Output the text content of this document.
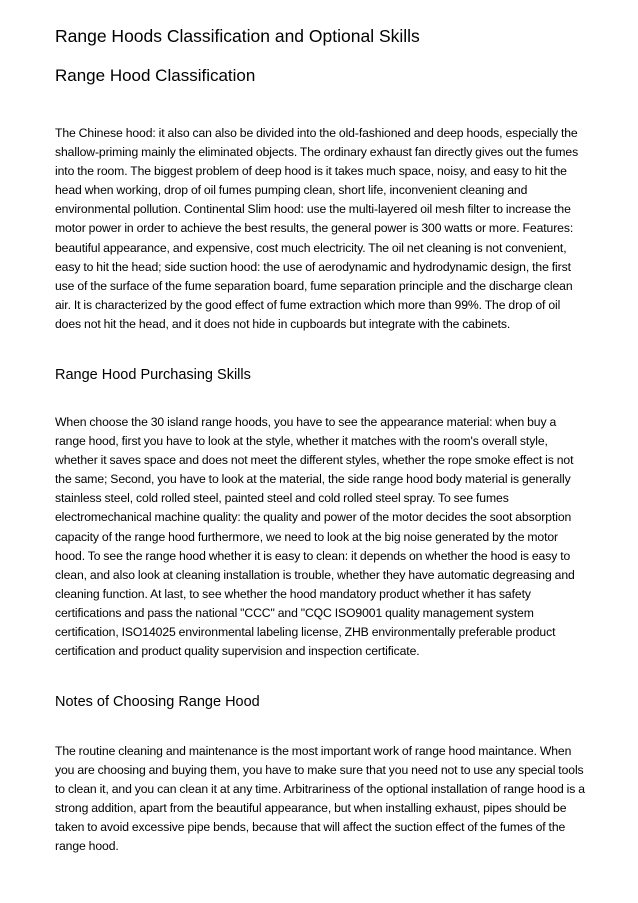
Range Hoods Classification and Optional Skills
Range Hood Classification

The Chinese hood: it also can also be divided into the old-fashioned and deep hoods, especially the shallow-priming mainly the eliminated objects. The ordinary exhaust fan directly gives out the fumes into the room. The biggest problem of deep hood is it takes much space, noisy, and easy to hit the head when working, drop of oil fumes pumping clean, short life, inconvenient cleaning and environmental pollution. Continental Slim hood: use the multi-layered oil mesh filter to increase the motor power in order to achieve the best results, the general power is 300 watts or more. Features: beautiful appearance, and expensive, cost much electricity. The oil net cleaning is not convenient, easy to hit the head; side suction hood: the use of aerodynamic and hydrodynamic design, the first use of the surface of the fume separation board, fume separation principle and the discharge clean air. It is characterized by the good effect of fume extraction which more than 99%. The drop of oil does not hit the head, and it does not hide in cupboards but integrate with the cabinets.

Range Hood Purchasing Skills

When choose the 30 island range hoods, you have to see the appearance material: when buy a range hood, first you have to look at the style, whether it matches with the room's overall style, whether it saves space and does not meet the different styles, whether the rope smoke effect is not the same; Second, you have to look at the material, the side range hood body material is generally stainless steel, cold rolled steel, painted steel and cold rolled steel spray. To see fumes electromechanical machine quality: the quality and power of the motor decides the soot absorption capacity of the range hood furthermore, we need to look at the big noise generated by the motor hood. To see the range hood whether it is easy to clean: it depends on whether the hood is easy to clean, and also look at cleaning installation is trouble, whether they have automatic degreasing and cleaning function. At last, to see whether the hood mandatory product whether it has safety certifications and pass the national "CCC" and "CQC ISO9001 quality management system certification, ISO14025 environmental labeling license, ZHB environmentally preferable product certification and product quality supervision and inspection certificate.

Notes of Choosing Range Hood

The routine cleaning and maintenance is the most important work of range hood maintance. When you are choosing and buying them, you have to make sure that you need not to use any special tools to clean it, and you can clean it at any time. Arbitrariness of the optional installation of range hood is a strong addition, apart from the beautiful appearance, but when installing exhaust, pipes should be taken to avoid excessive pipe bends, because that will affect the suction effect of the fumes of the range hood.
